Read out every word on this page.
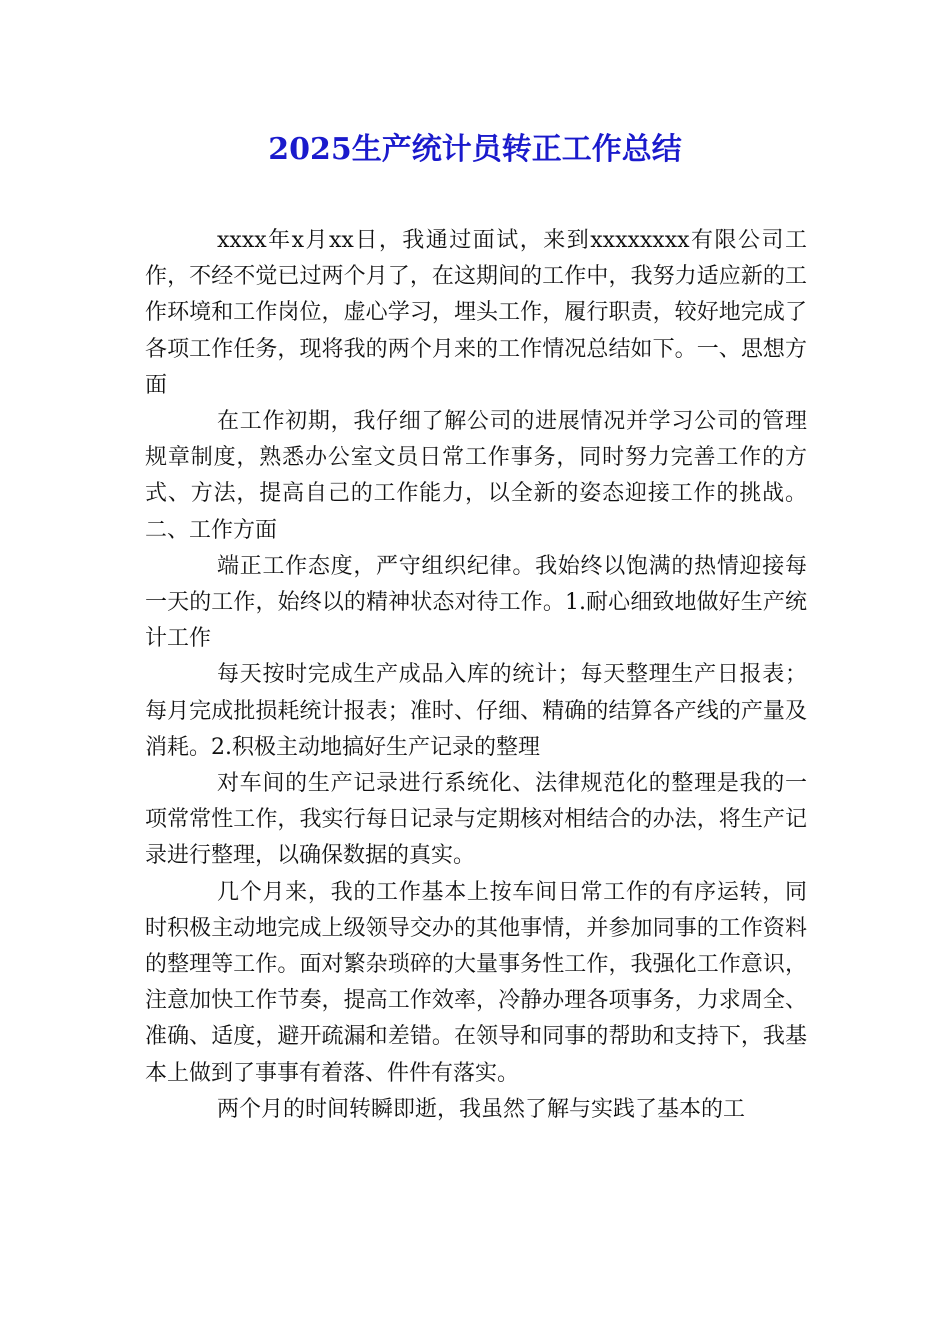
2025生产统计员转正工作总结

xxxx年x月xx日，我通过面试，来到xxxxxxxx有限公司工作，不经不觉已过两个月了，在这期间的工作中，我努力适应新的工作环境和工作岗位，虚心学习，埋头工作，履行职责，较好地完成了各项工作任务，现将我的两个月来的工作情况总结如下。一、思想方面

在工作初期，我仔细了解公司的进展情况并学习公司的管理规章制度，熟悉办公室文员日常工作事务，同时努力完善工作的方式、方法，提高自己的工作能力，以全新的姿态迎接工作的挑战。二、工作方面

端正工作态度，严守组织纪律。我始终以饱满的热情迎接每一天的工作，始终以的精神状态对待工作。1.耐心细致地做好生产统计工作

每天按时完成生产成品入库的统计；每天整理生产日报表；每月完成批损耗统计报表；准时、仔细、精确的结算各产线的产量及消耗。2.积极主动地搞好生产记录的整理

对车间的生产记录进行系统化、法律规范化的整理是我的一项常常性工作，我实行每日记录与定期核对相结合的办法，将生产记录进行整理，以确保数据的真实。

几个月来，我的工作基本上按车间日常工作的有序运转，同时积极主动地完成上级领导交办的其他事情，并参加同事的工作资料的整理等工作。面对繁杂琐碎的大量事务性工作，我强化工作意识，注意加快工作节奏，提高工作效率，冷静办理各项事务，力求周全、准确、适度，避开疏漏和差错。在领导和同事的帮助和支持下，我基本上做到了事事有着落、件件有落实。

两个月的时间转瞬即逝，我虽然了解与实践了基本的工
